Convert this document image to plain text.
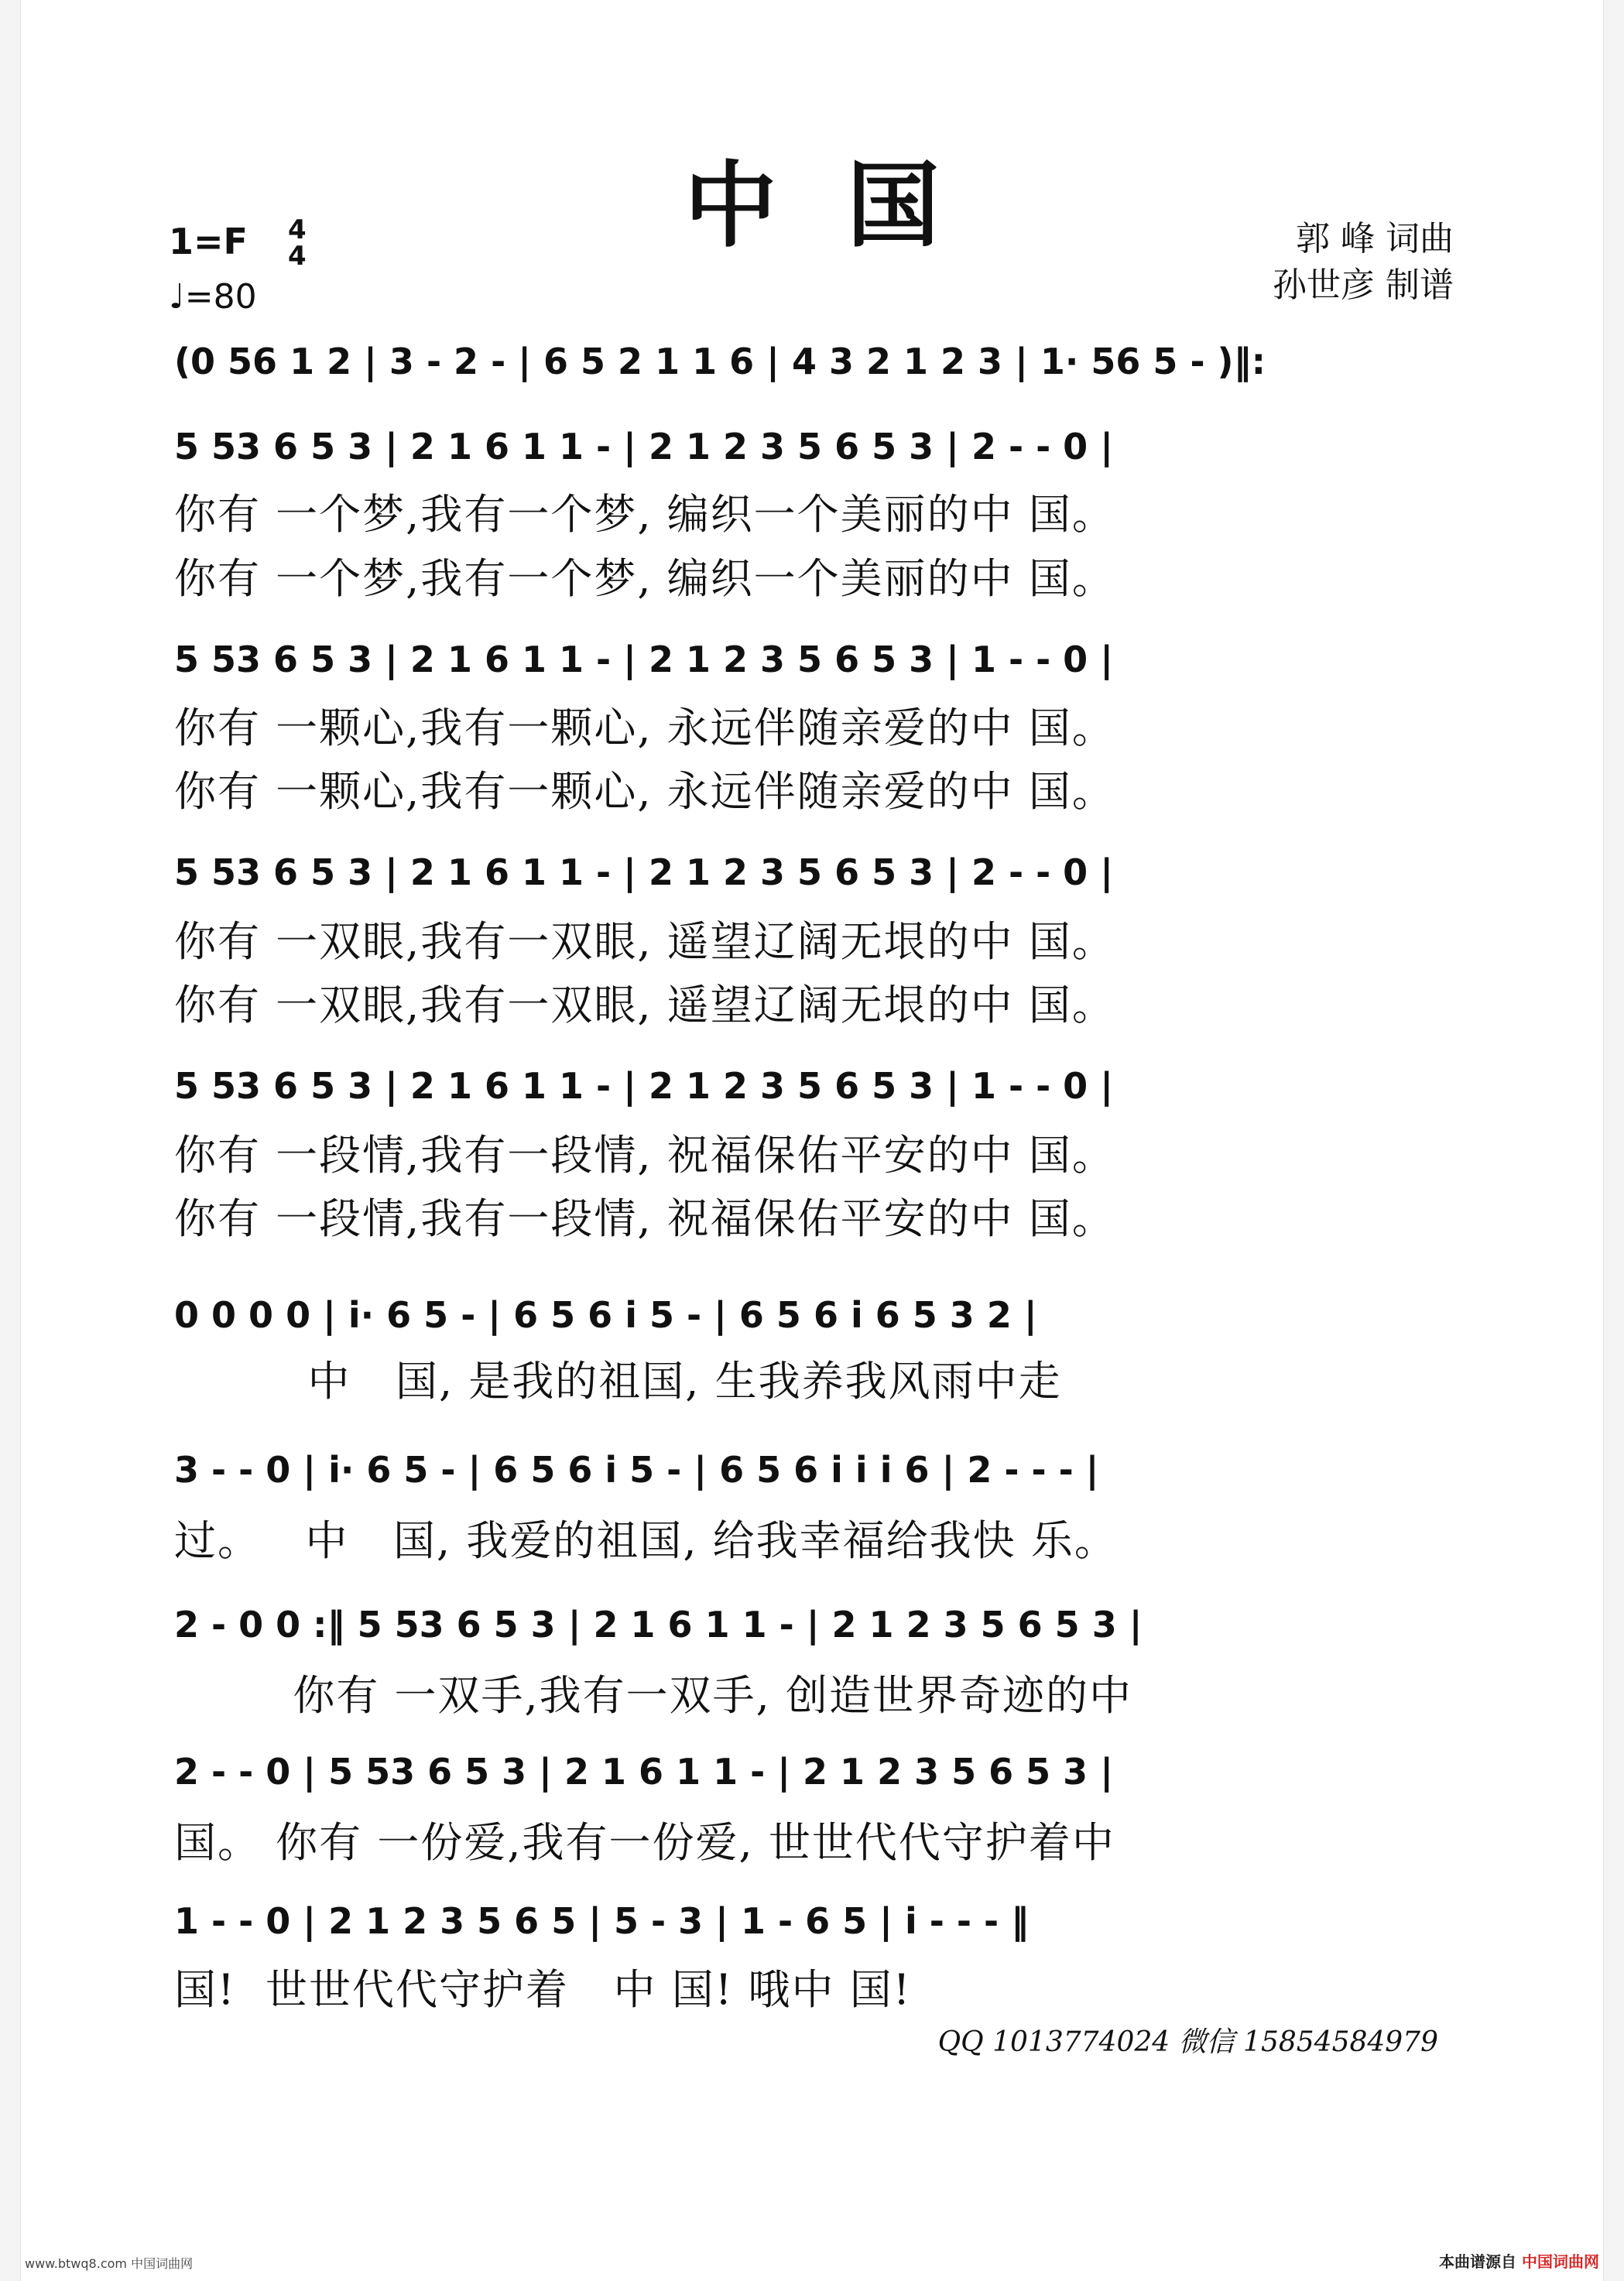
中国
1=F 4
4
♩=80
郭 峰 词曲
孙世彦 制谱
(0 56 1 2 | 3 - 2 - | 6 5 2 1 1 6 | 4 3 2 1 2 3 | 1· 56 5 - )‖:
5 53 6 5 3 | 2 1 6 1 1 - | 2 1 2 3 5 6 5 3 | 2 - - 0 |
你有 一个梦,我有一个梦, 编织一个美丽的中 国。
你有 一个梦,我有一个梦, 编织一个美丽的中 国。
5 53 6 5 3 | 2 1 6 1 1 - | 2 1 2 3 5 6 5 3 | 1 - - 0 |
你有 一颗心,我有一颗心, 永远伴随亲爱的中 国。
你有 一颗心,我有一颗心, 永远伴随亲爱的中 国。
5 53 6 5 3 | 2 1 6 1 1 - | 2 1 2 3 5 6 5 3 | 2 - - 0 |
你有 一双眼,我有一双眼, 遥望辽阔无垠的中 国。
你有 一双眼,我有一双眼, 遥望辽阔无垠的中 国。
5 53 6 5 3 | 2 1 6 1 1 - | 2 1 2 3 5 6 5 3 | 1 - - 0 |
你有 一段情,我有一段情, 祝福保佑平安的中 国。
你有 一段情,我有一段情, 祝福保佑平安的中 国。
0 0 0 0 | i· 6 5 - | 6 5 6 i 5 - | 6 5 6 i 6 5 3 2 |
中   国, 是我的祖国, 生我养我风雨中走
3 - - 0 | i· 6 5 - | 6 5 6 i 5 - | 6 5 6 i i i 6 | 2 - - - |
过。   中   国, 我爱的祖国, 给我幸福给我快 乐。
2 - 0 0 :‖ 5 53 6 5 3 | 2 1 6 1 1 - | 2 1 2 3 5 6 5 3 |
你有 一双手,我有一双手, 创造世界奇迹的中
2 - - 0 | 5 53 6 5 3 | 2 1 6 1 1 - | 2 1 2 3 5 6 5 3 |
国。 你有 一份爱,我有一份爱, 世世代代守护着中
1 - - 0 | 2 1 2 3 5 6 5 | 5 - 3 | 1 - 6 5 | i - - - ‖
国!  世世代代守护着   中 国! 哦中 国!
QQ 1013774024 微信 15854584979
www.btwq8.com 中国词曲网	本曲谱源自 中国词曲网
